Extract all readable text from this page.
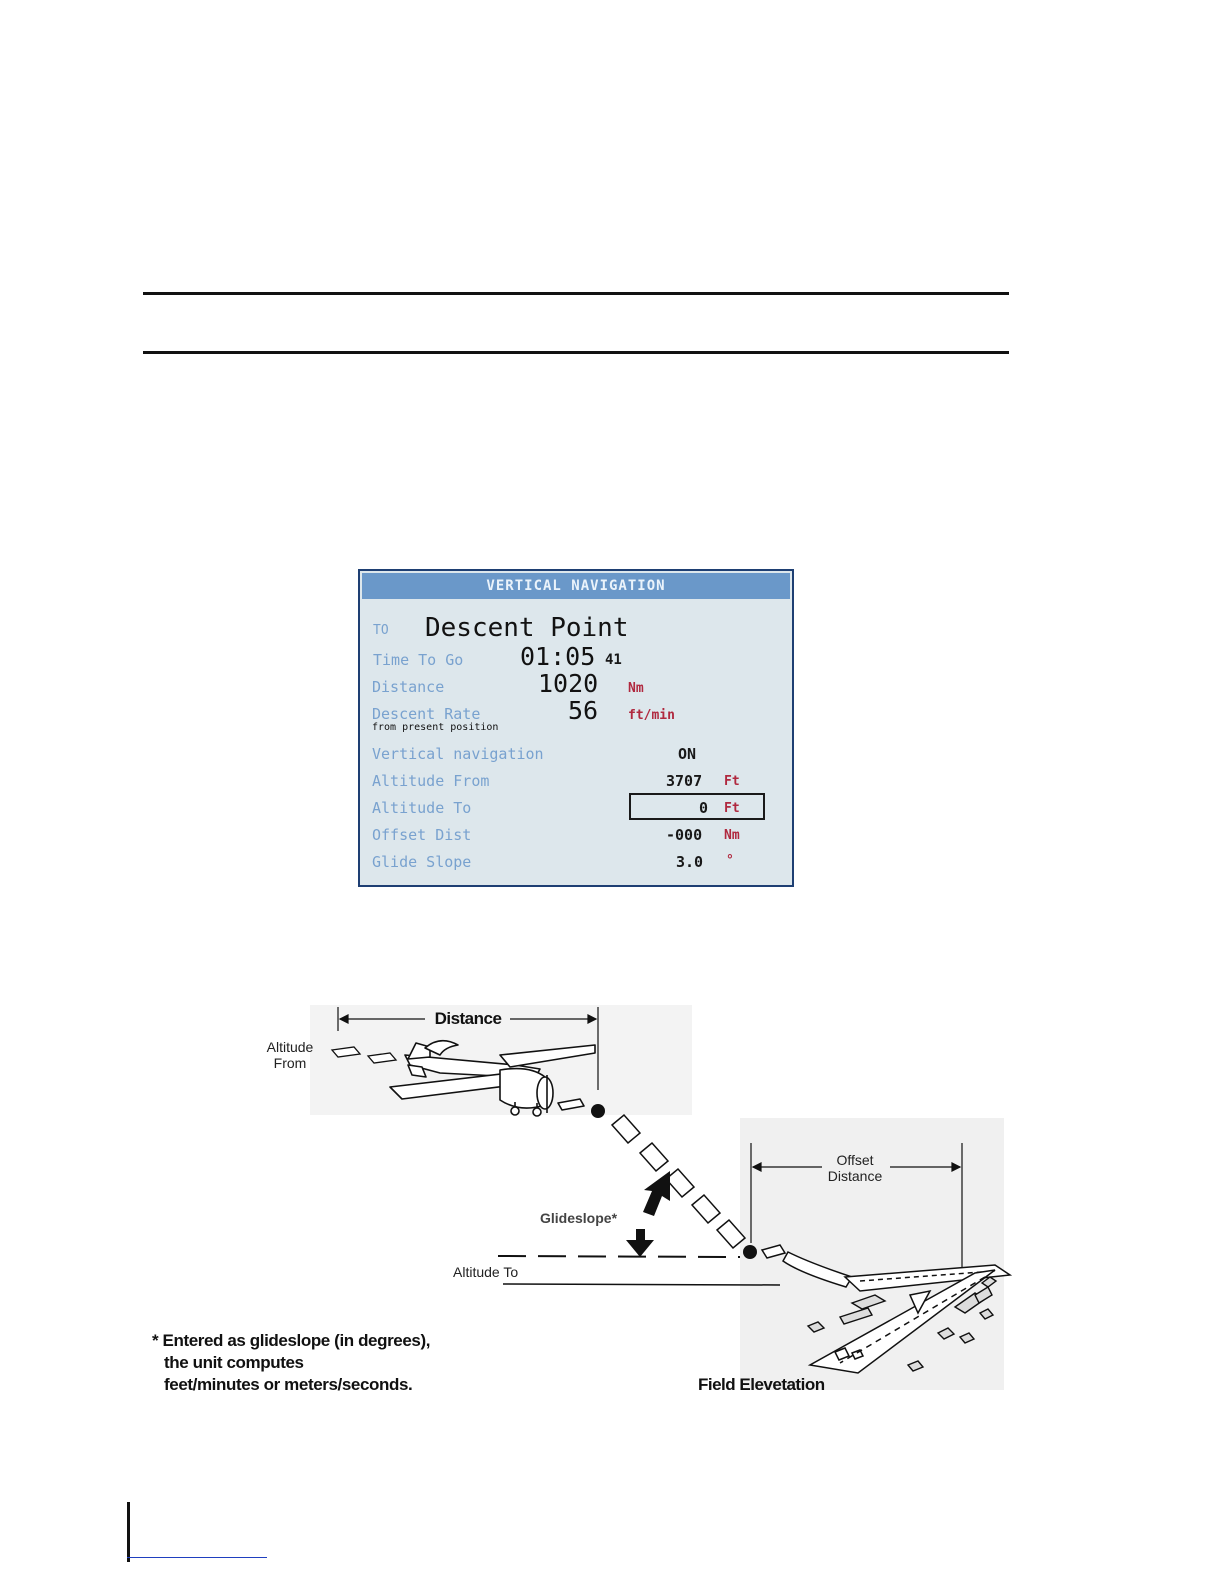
VERTICAL NAVIGATION
TO Descent Point
Time To Go 01:05 41
Distance	1020 Nm
Descent Rate	56 ft/min
from present position
Vertical navigation	ON
Altitude From	3707 Ft
Altitude To	0 Ft
Offset Dist	-000 Nm
Glide Slope	3.0 °
Distance
Altitude
From
Glideslope*
Altitude To
Offset
Distance
Field Elevetation
* Entered as glideslope (in degrees),
the unit computes
feet/minutes or meters/seconds.
